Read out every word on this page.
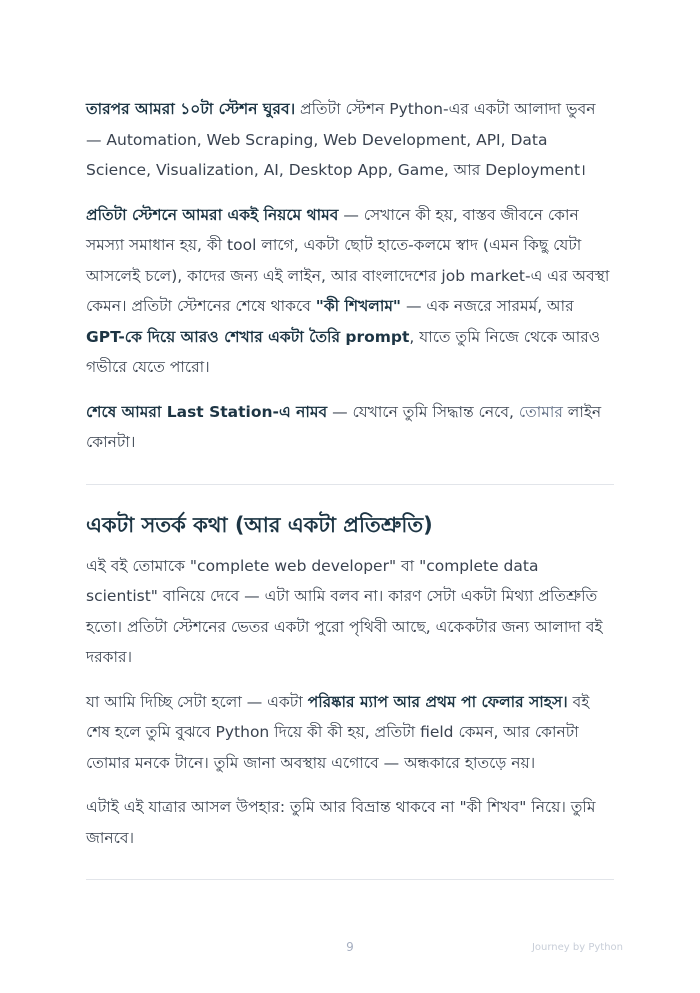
তারপর আমরা ১০টা স্টেশন ঘুরব। প্রতিটা স্টেশন Python-এর একটা আলাদা ভুবন — Automation, Web Scraping, Web Development, API, Data Science, Visualization, AI, Desktop App, Game, আর Deployment।

প্রতিটা স্টেশনে আমরা একই নিয়মে থামব — সেখানে কী হয়, বাস্তব জীবনে কোন সমস্যা সমাধান হয়, কী tool লাগে, একটা ছোট হাতে-কলমে স্বাদ (এমন কিছু যেটা আসলেই চলে), কাদের জন্য এই লাইন, আর বাংলাদেশের job market-এ এর অবস্থা কেমন। প্রতিটা স্টেশনের শেষে থাকবে "কী শিখলাম" — এক নজরে সারমর্ম, আর GPT-কে দিয়ে আরও শেখার একটা তৈরি prompt, যাতে তুমি নিজে থেকে আরও গভীরে যেতে পারো।

শেষে আমরা Last Station-এ নামব — যেখানে তুমি সিদ্ধান্ত নেবে, তোমার লাইন কোনটা।

একটা সতর্ক কথা (আর একটা প্রতিশ্রুতি)

এই বই তোমাকে "complete web developer" বা "complete data scientist" বানিয়ে দেবে — এটা আমি বলব না। কারণ সেটা একটা মিথ্যা প্রতিশ্রুতি হতো। প্রতিটা স্টেশনের ভেতর একটা পুরো পৃথিবী আছে, একেকটার জন্য আলাদা বই দরকার।

যা আমি দিচ্ছি সেটা হলো — একটা পরিষ্কার ম্যাপ আর প্রথম পা ফেলার সাহস। বই শেষ হলে তুমি বুঝবে Python দিয়ে কী কী হয়, প্রতিটা field কেমন, আর কোনটা তোমার মনকে টানে। তুমি জানা অবস্থায় এগোবে — অন্ধকারে হাতড়ে নয়।

এটাই এই যাত্রার আসল উপহার: তুমি আর বিভ্রান্ত থাকবে না "কী শিখব" নিয়ে। তুমি জানবে।

9	Journey by Python
